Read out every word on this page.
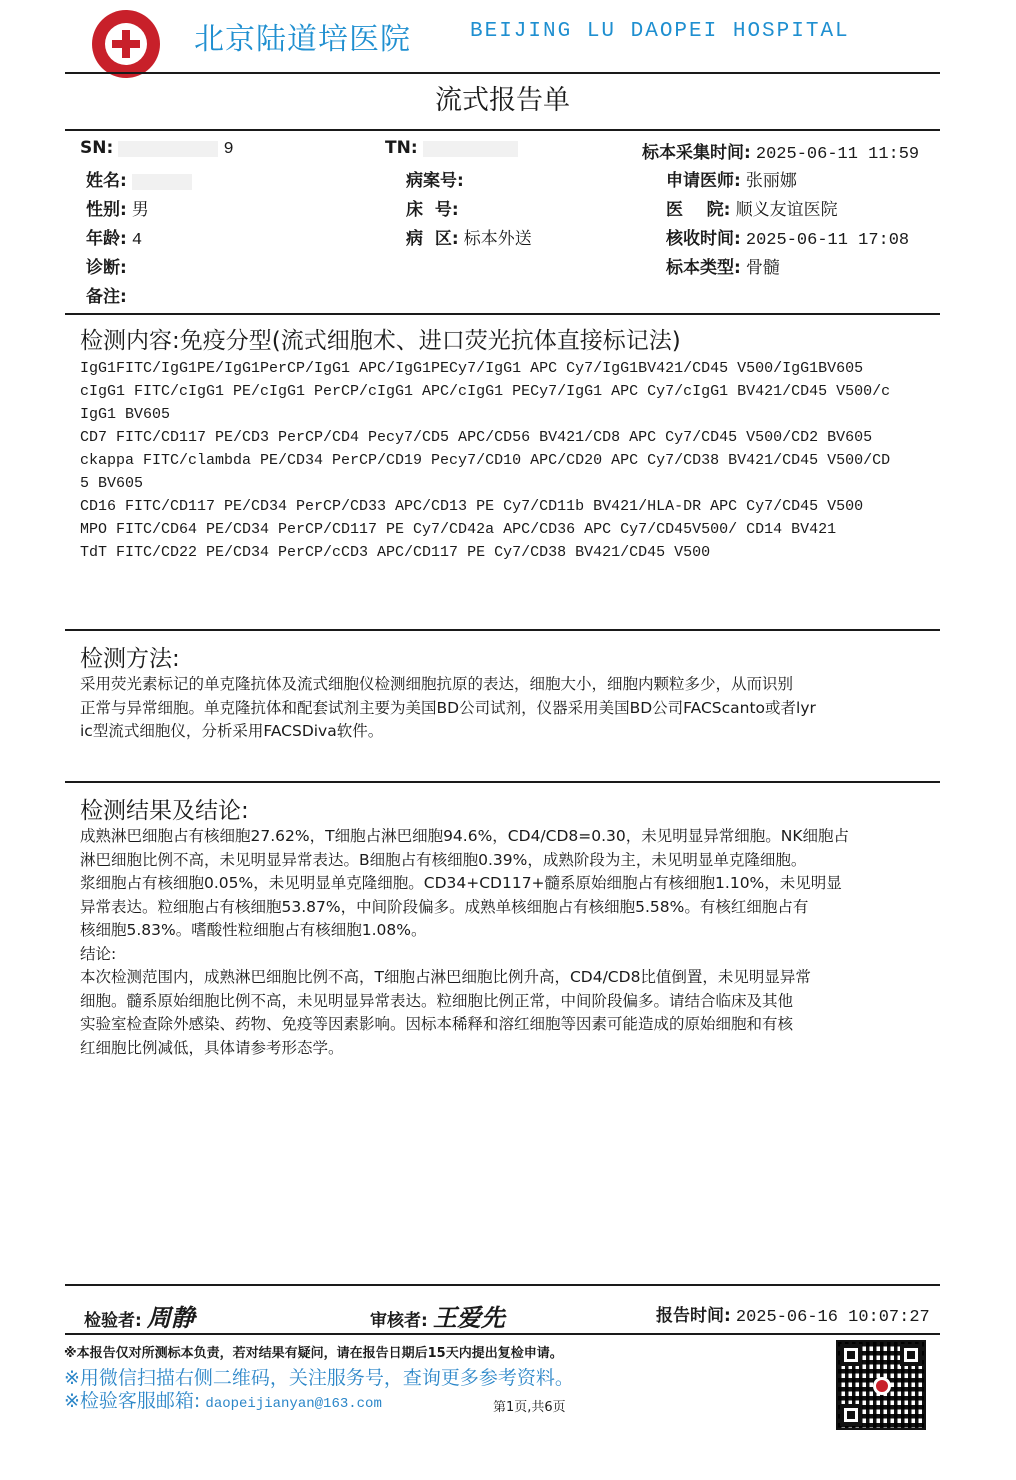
北京陆道培医院	BEIJING LU DAOPEI HOSPITAL
流式报告单
SN:	9	TN:	标本采集时间: 2025-06-11 11:59
姓名:	病案号:	申请医师: 张丽娜
性别: 男	床  号:	医    院: 顺义友谊医院
年龄: 4	病  区: 标本外送	核收时间: 2025-06-11 17:08
诊断:	标本类型: 骨髓
备注:
检测内容:免疫分型(流式细胞术、进口荧光抗体直接标记法)
IgG1FITC/IgG1PE/IgG1PerCP/IgG1 APC/IgG1PECy7/IgG1 APC Cy7/IgG1BV421/CD45 V500/IgG1BV605
cIgG1 FITC/cIgG1 PE/cIgG1 PerCP/cIgG1 APC/cIgG1 PECy7/IgG1 APC Cy7/cIgG1 BV421/CD45 V500/c
IgG1 BV605
CD7 FITC/CD117 PE/CD3 PerCP/CD4 Pecy7/CD5 APC/CD56 BV421/CD8 APC Cy7/CD45 V500/CD2 BV605
ckappa FITC/clambda PE/CD34 PerCP/CD19 Pecy7/CD10 APC/CD20 APC Cy7/CD38 BV421/CD45 V500/CD
5 BV605
CD16 FITC/CD117 PE/CD34 PerCP/CD33 APC/CD13 PE Cy7/CD11b BV421/HLA-DR APC Cy7/CD45 V500
MPO FITC/CD64 PE/CD34 PerCP/CD117 PE Cy7/CD42a APC/CD36 APC Cy7/CD45V500/ CD14 BV421
TdT FITC/CD22 PE/CD34 PerCP/cCD3 APC/CD117 PE Cy7/CD38 BV421/CD45 V500
检测方法:
采用荧光素标记的单克隆抗体及流式细胞仪检测细胞抗原的表达，细胞大小，细胞内颗粒多少，从而识别
正常与异常细胞。单克隆抗体和配套试剂主要为美国BD公司试剂，仪器采用美国BD公司FACScanto或者lyr
ic型流式细胞仪，分析采用FACSDiva软件。
检测结果及结论:
成熟淋巴细胞占有核细胞27.62%，T细胞占淋巴细胞94.6%，CD4/CD8=0.30，未见明显异常细胞。NK细胞占
淋巴细胞比例不高，未见明显异常表达。B细胞占有核细胞0.39%，成熟阶段为主，未见明显单克隆细胞。
浆细胞占有核细胞0.05%，未见明显单克隆细胞。CD34+CD117+髓系原始细胞占有核细胞1.10%，未见明显
异常表达。粒细胞占有核细胞53.87%，中间阶段偏多。成熟单核细胞占有核细胞5.58%。有核红细胞占有
核细胞5.83%。嗜酸性粒细胞占有核细胞1.08%。
结论:
本次检测范围内，成熟淋巴细胞比例不高，T细胞占淋巴细胞比例升高，CD4/CD8比值倒置，未见明显异常
细胞。髓系原始细胞比例不高，未见明显异常表达。粒细胞比例正常，中间阶段偏多。请结合临床及其他
实验室检查除外感染、药物、免疫等因素影响。因标本稀释和溶红细胞等因素可能造成的原始细胞和有核
红细胞比例减低，具体请参考形态学。
检验者: 周静	审核者: 王爱先	报告时间: 2025-06-16 10:07:27
※本报告仅对所测标本负责，若对结果有疑问，请在报告日期后15天内提出复检申请。
※用微信扫描右侧二维码，关注服务号，查询更多参考资料。
※检验客服邮箱: daopeijianyan@163.com	第1页,共6页
